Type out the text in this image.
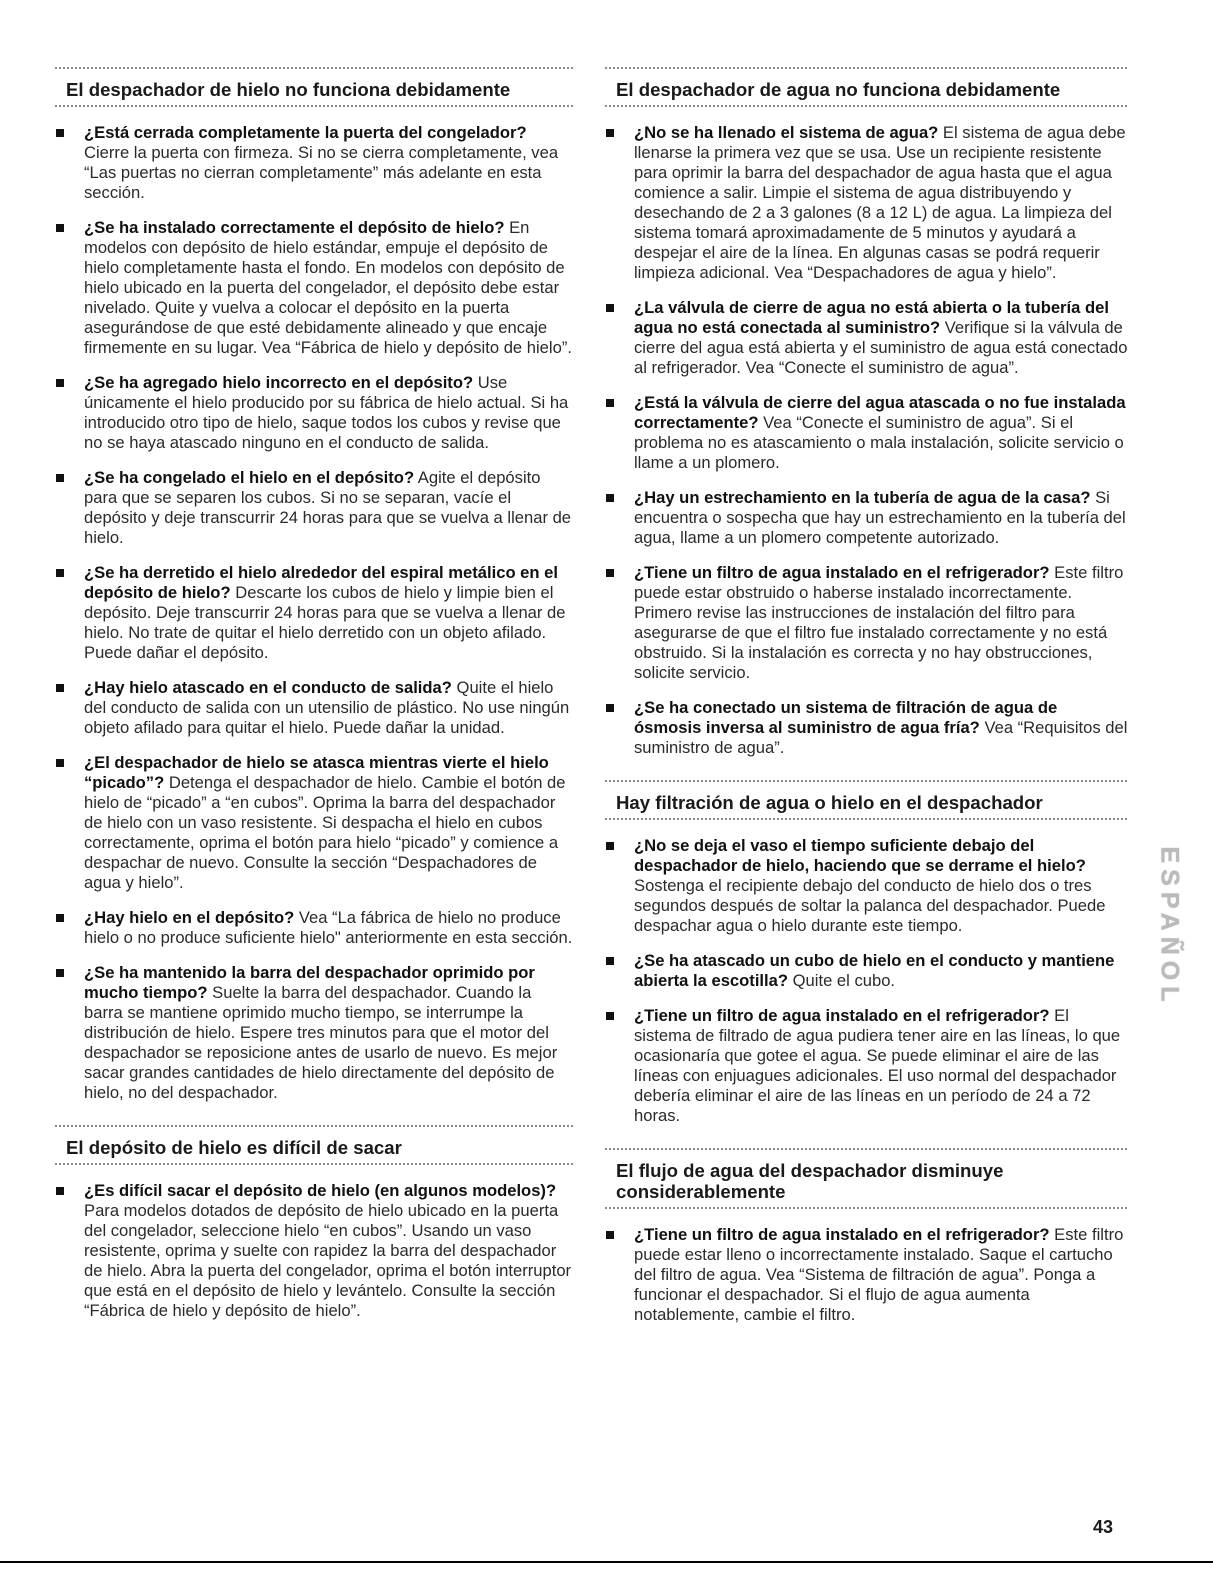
El despachador de hielo no funciona debidamente
¿Está cerrada completamente la puerta del congelador? Cierre la puerta con firmeza. Si no se cierra completamente, vea “Las puertas no cierran completamente” más adelante en esta sección.
¿Se ha instalado correctamente el depósito de hielo? En modelos con depósito de hielo estándar, empuje el depósito de hielo completamente hasta el fondo. En modelos con depósito de hielo ubicado en la puerta del congelador, el depósito debe estar nivelado. Quite y vuelva a colocar el depósito en la puerta asegurándose de que esté debidamente alineado y que encaje firmemente en su lugar. Vea “Fábrica de hielo y depósito de hielo”.
¿Se ha agregado hielo incorrecto en el depósito? Use únicamente el hielo producido por su fábrica de hielo actual. Si ha introducido otro tipo de hielo, saque todos los cubos y revise que no se haya atascado ninguno en el conducto de salida.
¿Se ha congelado el hielo en el depósito? Agite el depósito para que se separen los cubos. Si no se separan, vacíe el depósito y deje transcurrir 24 horas para que se vuelva a llenar de hielo.
¿Se ha derretido el hielo alrededor del espiral metálico en el depósito de hielo? Descarte los cubos de hielo y limpie bien el depósito. Deje transcurrir 24 horas para que se vuelva a llenar de hielo. No trate de quitar el hielo derretido con un objeto afilado. Puede dañar el depósito.
¿Hay hielo atascado en el conducto de salida? Quite el hielo del conducto de salida con un utensilio de plástico. No use ningún objeto afilado para quitar el hielo. Puede dañar la unidad.
¿El despachador de hielo se atasca mientras vierte el hielo “picado”? Detenga el despachador de hielo. Cambie el botón de hielo de “picado” a “en cubos”. Oprima la barra del despachador de hielo con un vaso resistente. Si despacha el hielo en cubos correctamente, oprima el botón para hielo “picado” y comience a despachar de nuevo. Consulte la sección “Despachadores de agua y hielo”.
¿Hay hielo en el depósito? Vea “La fábrica de hielo no produce hielo o no produce suficiente hielo" anteriormente en esta sección.
¿Se ha mantenido la barra del despachador oprimido por mucho tiempo? Suelte la barra del despachador. Cuando la barra se mantiene oprimido mucho tiempo, se interrumpe la distribución de hielo. Espere tres minutos para que el motor del despachador se reposicione antes de usarlo de nuevo. Es mejor sacar grandes cantidades de hielo directamente del depósito de hielo, no del despachador.
El depósito de hielo es difícil de sacar
¿Es difícil sacar el depósito de hielo (en algunos modelos)? Para modelos dotados de depósito de hielo ubicado en la puerta del congelador, seleccione hielo “en cubos”. Usando un vaso resistente, oprima y suelte con rapidez la barra del despachador de hielo. Abra la puerta del congelador, oprima el botón interruptor que está en el depósito de hielo y levántelo. Consulte la sección “Fábrica de hielo y depósito de hielo”.
El despachador de agua no funciona debidamente
¿No se ha llenado el sistema de agua? El sistema de agua debe llenarse la primera vez que se usa. Use un recipiente resistente para oprimir la barra del despachador de agua hasta que el agua comience a salir. Limpie el sistema de agua distribuyendo y desechando de 2 a 3 galones (8 a 12 L) de agua. La limpieza del sistema tomará aproximadamente de 5 minutos y ayudará a despejar el aire de la línea. En algunas casas se podrá requerir limpieza adicional. Vea “Despachadores de agua y hielo”.
¿La válvula de cierre de agua no está abierta o la tubería del agua no está conectada al suministro? Verifique si la válvula de cierre del agua está abierta y el suministro de agua está conectado al refrigerador. Vea “Conecte el suministro de agua”.
¿Está la válvula de cierre del agua atascada o no fue instalada correctamente? Vea “Conecte el suministro de agua”. Si el problema no es atascamiento o mala instalación, solicite servicio o llame a un plomero.
¿Hay un estrechamiento en la tubería de agua de la casa? Si encuentra o sospecha que hay un estrechamiento en la tubería del agua, llame a un plomero competente autorizado.
¿Tiene un filtro de agua instalado en el refrigerador? Este filtro puede estar obstruido o haberse instalado incorrectamente. Primero revise las instrucciones de instalación del filtro para asegurarse de que el filtro fue instalado correctamente y no está obstruido. Si la instalación es correcta y no hay obstrucciones, solicite servicio.
¿Se ha conectado un sistema de filtración de agua de ósmosis inversa al suministro de agua fría? Vea “Requisitos del suministro de agua”.
Hay filtración de agua o hielo en el despachador
¿No se deja el vaso el tiempo suficiente debajo del despachador de hielo, haciendo que se derrame el hielo? Sostenga el recipiente debajo del conducto de hielo dos o tres segundos después de soltar la palanca del despachador. Puede despachar agua o hielo durante este tiempo.
¿Se ha atascado un cubo de hielo en el conducto y mantiene abierta la escotilla? Quite el cubo.
¿Tiene un filtro de agua instalado en el refrigerador? El sistema de filtrado de agua pudiera tener aire en las líneas, lo que ocasionaría que gotee el agua. Se puede eliminar el aire de las líneas con enjuagues adicionales. El uso normal del despachador debería eliminar el aire de las líneas en un período de 24 a 72 horas.
El flujo de agua del despachador disminuye considerablemente
¿Tiene un filtro de agua instalado en el refrigerador? Este filtro puede estar lleno o incorrectamente instalado. Saque el cartucho del filtro de agua. Vea “Sistema de filtración de agua”. Ponga a funcionar el despachador. Si el flujo de agua aumenta notablemente, cambie el filtro.
ESPAÑOL
43
